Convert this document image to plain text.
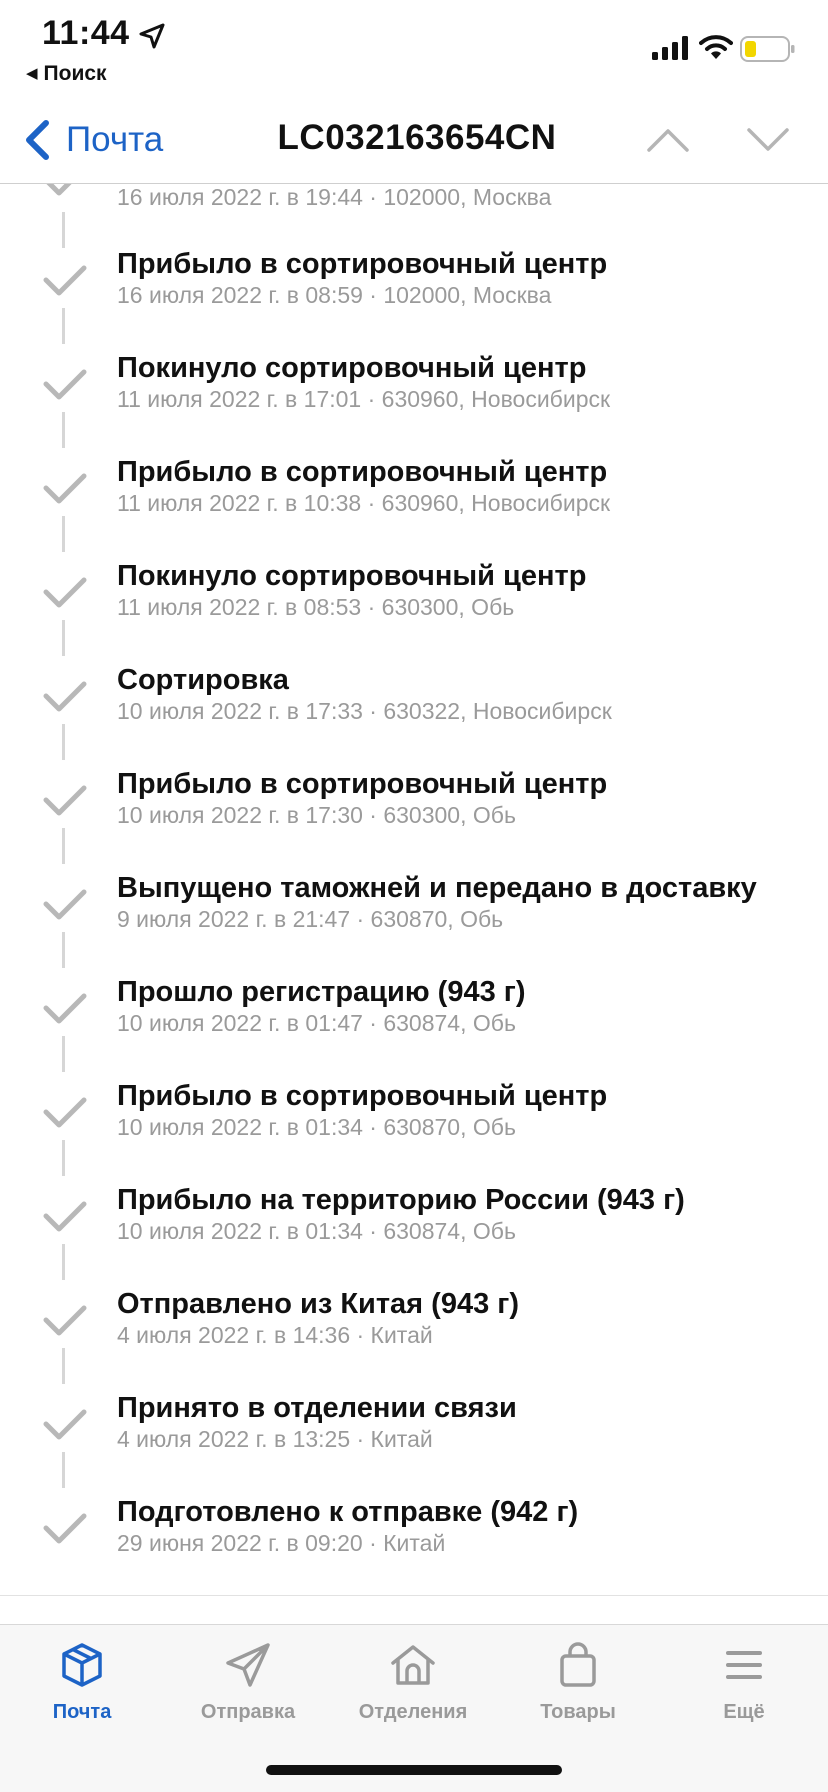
11:44
◀ Поиск
Почта	LC032163654CN
16 июля 2022 г. в 19:44 · 102000, Москва
Прибыло в сортировочный центр
16 июля 2022 г. в 08:59 · 102000, Москва
Покинуло сортировочный центр
11 июля 2022 г. в 17:01 · 630960, Новосибирск
Прибыло в сортировочный центр
11 июля 2022 г. в 10:38 · 630960, Новосибирск
Покинуло сортировочный центр
11 июля 2022 г. в 08:53 · 630300, Обь
Сортировка
10 июля 2022 г. в 17:33 · 630322, Новосибирск
Прибыло в сортировочный центр
10 июля 2022 г. в 17:30 · 630300, Обь
Выпущено таможней и передано в доставку
9 июля 2022 г. в 21:47 · 630870, Обь
Прошло регистрацию (943 г)
10 июля 2022 г. в 01:47 · 630874, Обь
Прибыло в сортировочный центр
10 июля 2022 г. в 01:34 · 630870, Обь
Прибыло на территорию России (943 г)
10 июля 2022 г. в 01:34 · 630874, Обь
Отправлено из Китая (943 г)
4 июля 2022 г. в 14:36 · Китай
Принято в отделении связи
4 июля 2022 г. в 13:25 · Китай
Подготовлено к отправке (942 г)
29 июня 2022 г. в 09:20 · Китай
Почта	Отправка	Отделения	Товары	Ещё
